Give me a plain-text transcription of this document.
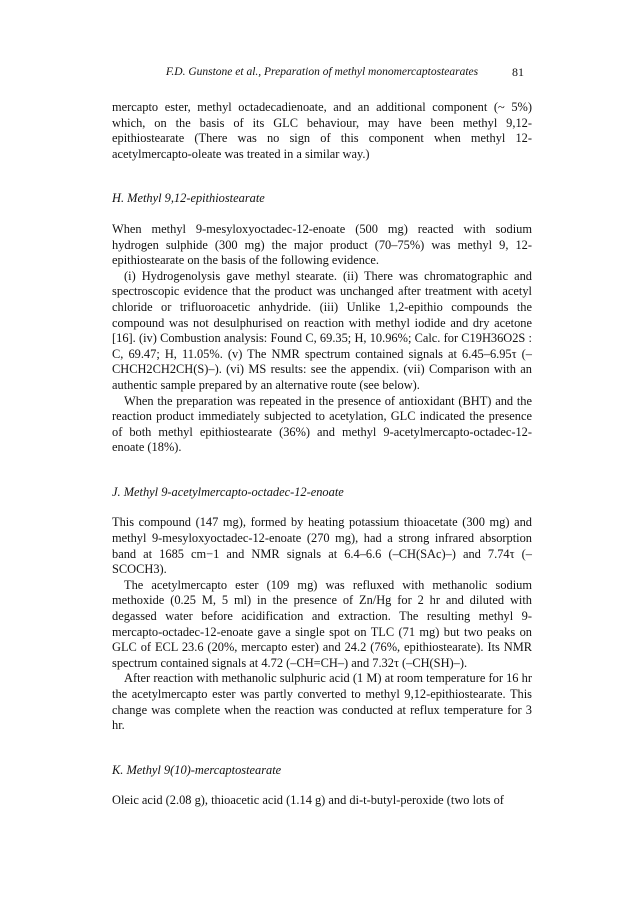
F.D. Gunstone et al., Preparation of methyl monomercaptostearates	81

mercapto ester, methyl octadecadienoate, and an additional component (~ 5%) which, on the basis of its GLC behaviour, may have been methyl 9,12-epithiostearate (There was no sign of this component when methyl 12-acetylmercapto-oleate was treated in a similar way.)

H. Methyl 9,12-epithiostearate

When methyl 9-mesyloxyoctadec-12-enoate (500 mg) reacted with sodium hydrogen sulphide (300 mg) the major product (70–75%) was methyl 9, 12-epithiostearate on the basis of the following evidence.

(i) Hydrogenolysis gave methyl stearate. (ii) There was chromatographic and spectroscopic evidence that the product was unchanged after treatment with acetyl chloride or trifluoroacetic anhydride. (iii) Unlike 1,2-epithio compounds the compound was not desulphurised on reaction with methyl iodide and dry acetone [16]. (iv) Combustion analysis: Found C, 69.35; H, 10.96%; Calc. for C19H36O2S : C, 69.47; H, 11.05%. (v) The NMR spectrum contained signals at 6.45–6.95τ (–CHCH2CH2CH(S)–). (vi) MS results: see the appendix. (vii) Comparison with an authentic sample prepared by an alternative route (see below).

When the preparation was repeated in the presence of antioxidant (BHT) and the reaction product immediately subjected to acetylation, GLC indicated the presence of both methyl epithiostearate (36%) and methyl 9-acetylmercapto-octadec-12-enoate (18%).

J. Methyl 9-acetylmercapto-octadec-12-enoate

This compound (147 mg), formed by heating potassium thioacetate (300 mg) and methyl 9-mesyloxyoctadec-12-enoate (270 mg), had a strong infrared absorption band at 1685 cm−1 and NMR signals at 6.4–6.6 (–CH(SAc)–) and 7.74τ (–SCOCH3).

The acetylmercapto ester (109 mg) was refluxed with methanolic sodium methoxide (0.25 M, 5 ml) in the presence of Zn/Hg for 2 hr and diluted with degassed water before acidification and extraction. The resulting methyl 9-mercapto-octadec-12-enoate gave a single spot on TLC (71 mg) but two peaks on GLC of ECL 23.6 (20%, mercapto ester) and 24.2 (76%, epithiostearate). Its NMR spectrum contained signals at 4.72 (–CH=CH–) and 7.32τ (–CH(SH)–).

After reaction with methanolic sulphuric acid (1 M) at room temperature for 16 hr the acetylmercapto ester was partly converted to methyl 9,12-epithiostearate. This change was complete when the reaction was conducted at reflux temperature for 3 hr.

K. Methyl 9(10)-mercaptostearate

Oleic acid (2.08 g), thioacetic acid (1.14 g) and di-t-butyl-peroxide (two lots of
